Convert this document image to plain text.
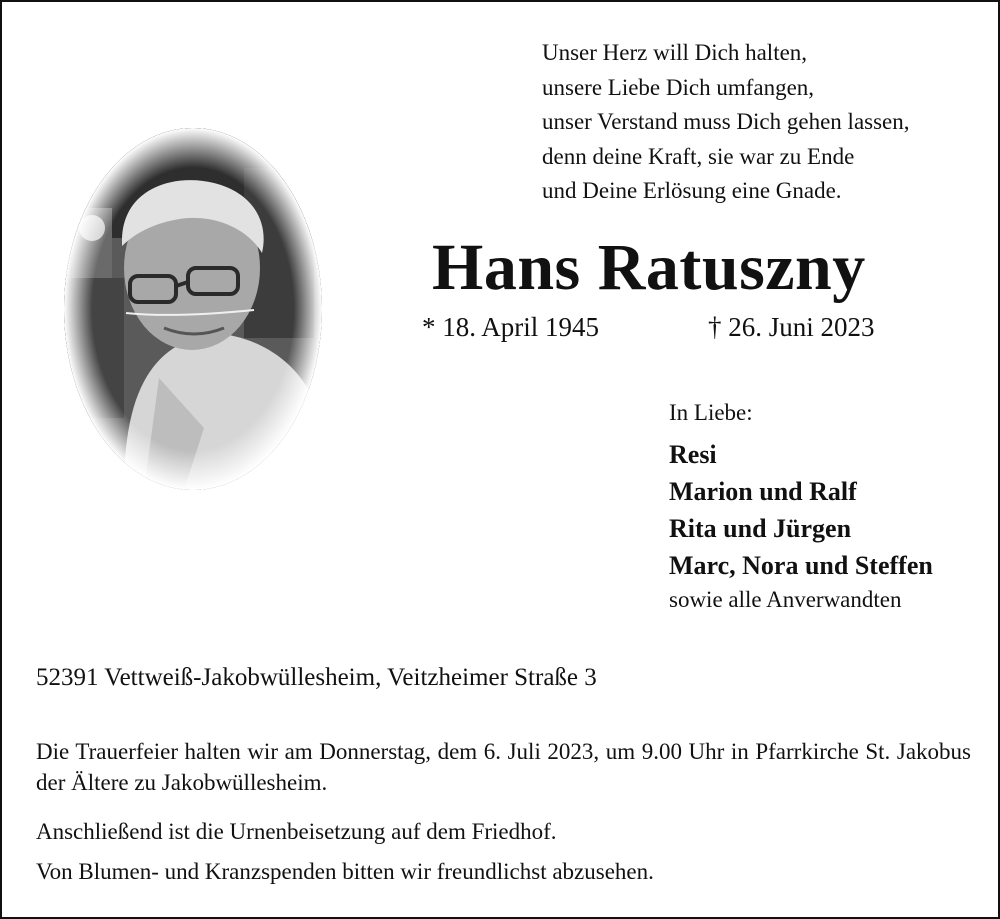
Unser Herz will Dich halten,
unsere Liebe Dich umfangen,
unser Verstand muss Dich gehen lassen,
denn deine Kraft, sie war zu Ende
und Deine Erlösung eine Gnade.
Hans Ratuszny
* 18. April 1945	† 26. Juni 2023
In Liebe:
Resi
Marion und Ralf
Rita und Jürgen
Marc, Nora und Steffen
sowie alle Anverwandten
52391 Vettweiß-Jakobwüllesheim, Veitzheimer Straße 3
Die Trauerfeier halten wir am Donnerstag, dem 6. Juli 2023, um 9.00 Uhr in Pfarrkirche St. Jakobus der Ältere zu Jakobwüllesheim.
Anschließend ist die Urnenbeisetzung auf dem Friedhof.
Von Blumen- und Kranzspenden bitten wir freundlichst abzusehen.
